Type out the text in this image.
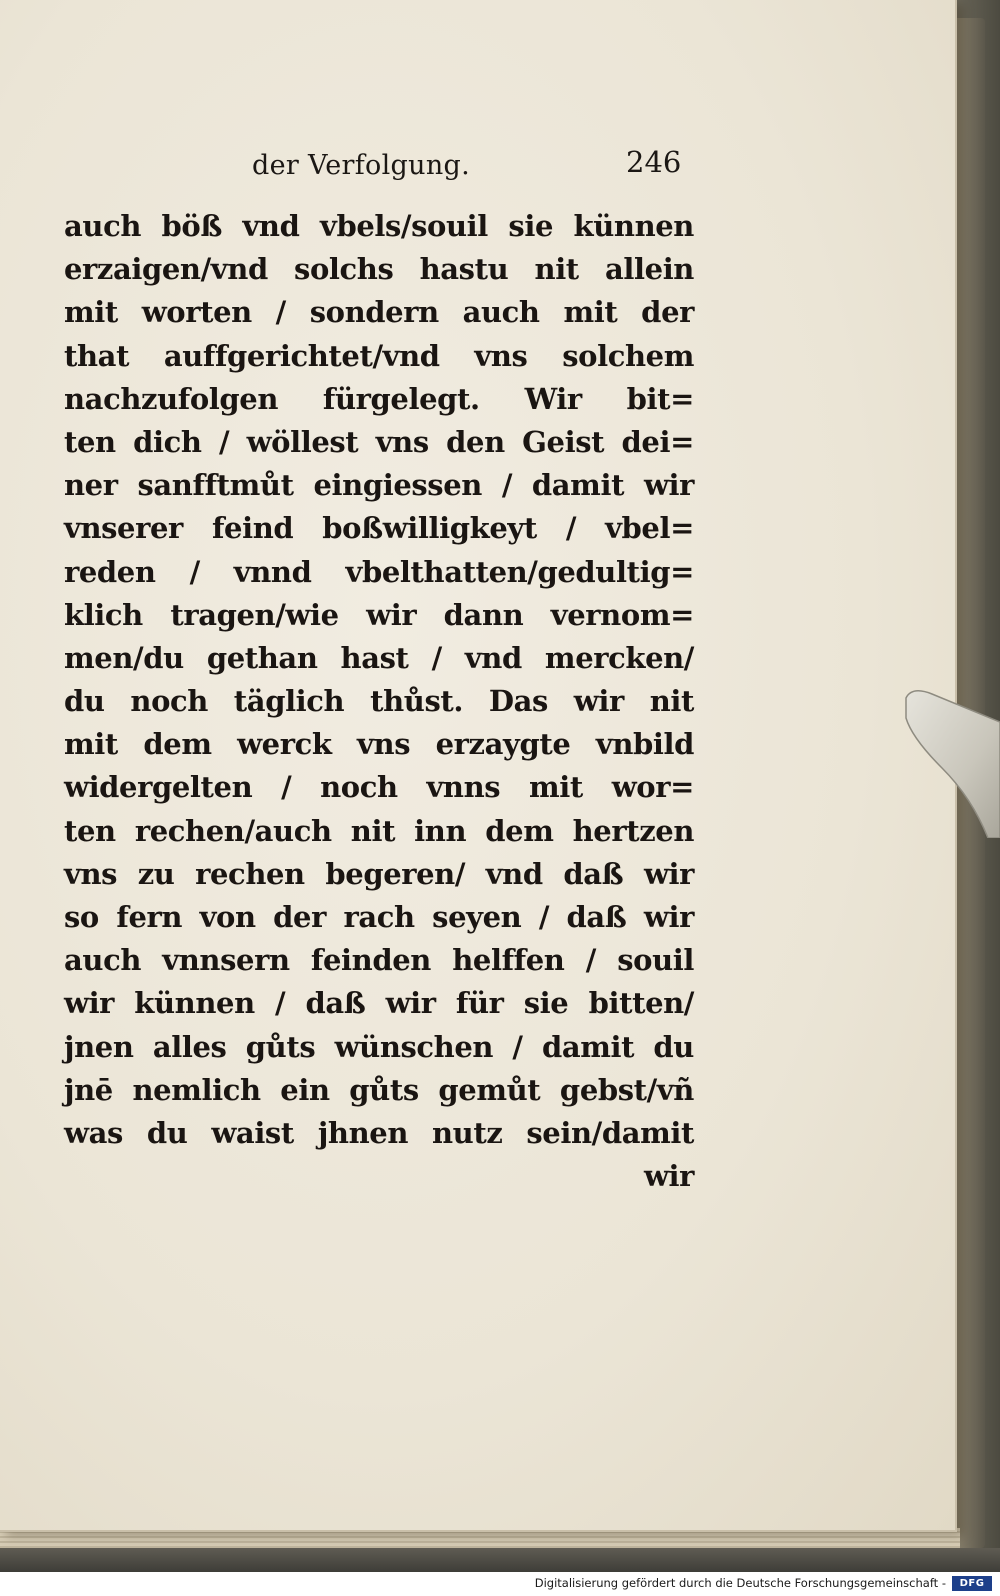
der Verfolgung.	246
auch böß vnd vbels/souil sie künnen
erzaigen/vnd solchs hastu nit allein
mit worten / sondern auch mit der
that auffgerichtet/vnd vns solchem
nachzufolgen fürgelegt. Wir bit=
ten dich / wöllest vns den Geist dei=
ner sanfftmůt eingiessen / damit wir
vnserer feind boßwilligkeyt / vbel=
reden / vnnd vbelthatten/gedultig=
klich tragen/wie wir dann vernom=
men/du gethan hast / vnd mercken/
du noch täglich thůst. Das wir nit
mit dem werck vns erzaygte vnbild
widergelten / noch vnns mit wor=
ten rechen/auch nit inn dem hertzen
vns zu rechen begeren/ vnd daß wir
so fern von der rach seyen / daß wir
auch vnnsern feinden helffen / souil
wir künnen / daß wir für sie bitten/
jnen alles gůts wünschen / damit du
jnē nemlich ein gůts gemůt gebst/vñ
was du waist jhnen nutz sein/damit
wir
Digitalisierung gefördert durch die Deutsche Forschungsgemeinschaft -	DFG
